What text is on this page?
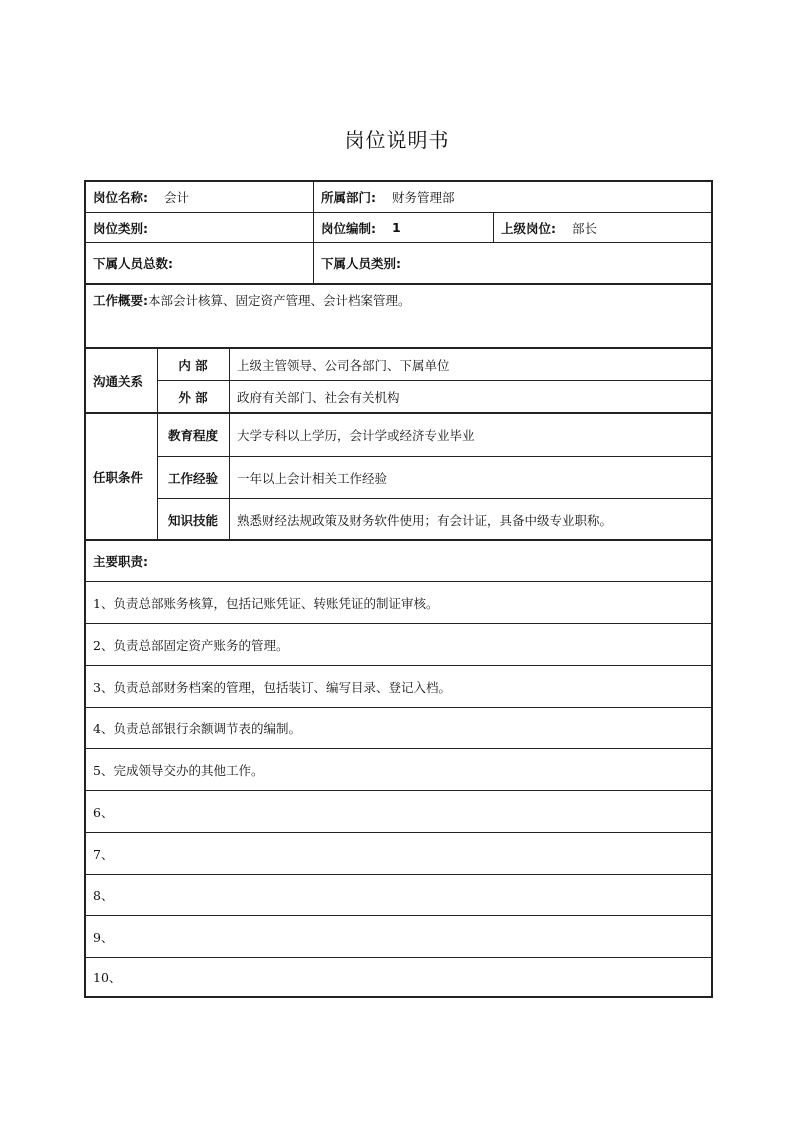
岗位说明书
岗位名称: 会计	所属部门: 财务管理部
岗位类别:	岗位编制: 1	上级岗位: 部长
下属人员总数:	下属人员类别:
工作概要: 本部会计核算、固定资产管理、会计档案管理。
沟通关系
内 部	上级主管领导、公司各部门、下属单位
外 部	政府有关部门、社会有关机构
任职条件
教育程度	大学专科以上学历，会计学或经济专业毕业
工作经验	一年以上会计相关工作经验
知识技能	熟悉财经法规政策及财务软件使用；有会计证，具备中级专业职称。
主要职责:
1、负责总部账务核算，包括记账凭证、转账凭证的制证审核。
2、负责总部固定资产账务的管理。
3、负责总部财务档案的管理，包括装订、编写目录、登记入档。
4、负责总部银行余额调节表的编制。
5、完成领导交办的其他工作。
6、
7、
8、
9、
10、
